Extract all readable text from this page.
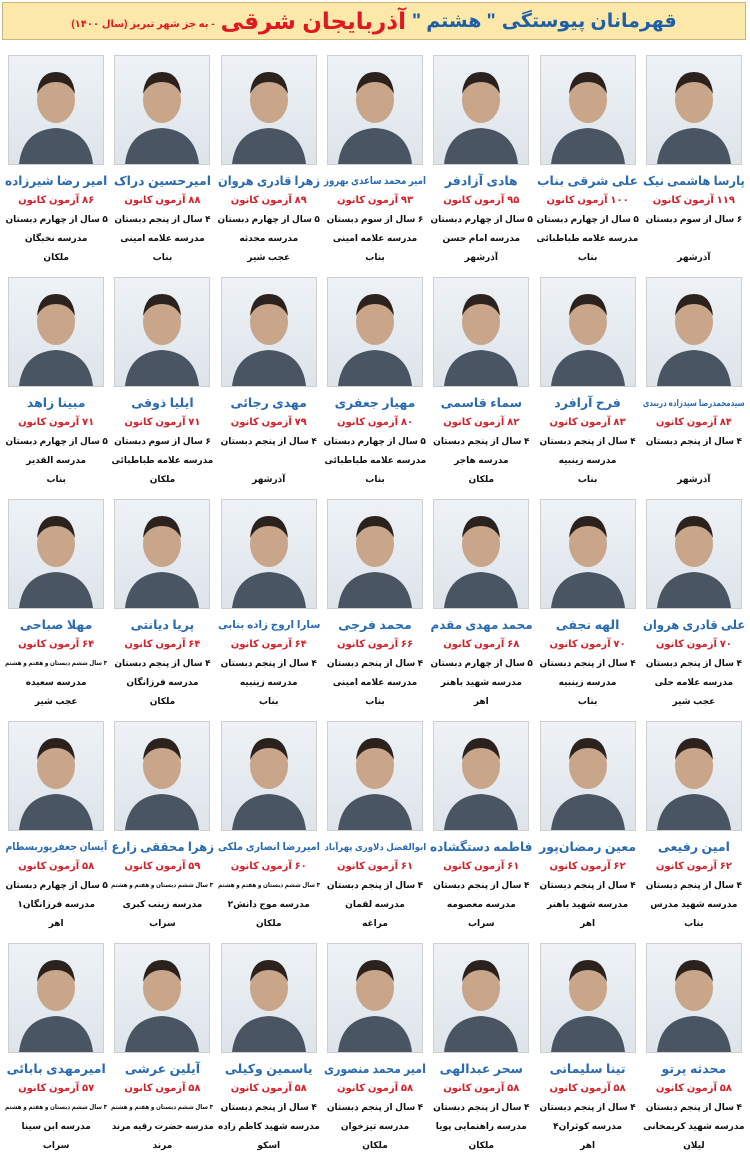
قهرمانان پیوستگی
" هشتم "
آذربایجان شرقی
- به جز شهر تبریز (سال ۱۴۰۰)
پارسا هاشمی نیک
۱۱۹ آزمون کانون
۶ سال از سوم دبستان
آذرشهر
علی شرقی بناب
۱۰۰ آزمون کانون
۵ سال از چهارم دبستان
مدرسه علامه طباطبائی
بناب
هادی آزادفر
۹۵ آزمون کانون
۵ سال از چهارم دبستان
مدرسه امام حسن
آذرشهر
امیر محمد ساعدی بهروز
۹۳ آزمون کانون
۶ سال از سوم دبستان
مدرسه علامه امینی
بناب
زهرا قادری هروان
۸۹ آزمون کانون
۵ سال از چهارم دبستان
مدرسه محدثه
عجب شیر
امیرحسین دراک
۸۸ آزمون کانون
۴ سال از پنجم دبستان
مدرسه علامه امینی
بناب
امیر رضا شیرزاده
۸۶ آزمون کانون
۵ سال از چهارم دبستان
مدرسه نخبگان
ملکان
سیدمحمدرضا سیدزاده دربندی
۸۴ آزمون کانون
۴ سال از پنجم دبستان
آذرشهر
فرح آرافرد
۸۳ آزمون کانون
۴ سال از پنجم دبستان
مدرسه زینبیه
بناب
سماء قاسمی
۸۲ آزمون کانون
۴ سال از پنجم دبستان
مدرسه هاجر
ملکان
مهیار جعفری
۸۰ آزمون کانون
۵ سال از چهارم دبستان
مدرسه علامه طباطبائی
بناب
مهدی رجائی
۷۹ آزمون کانون
۴ سال از پنجم دبستان
آذرشهر
ایلیا ذوقی
۷۱ آزمون کانون
۶ سال از سوم دبستان
مدرسه علامه طباطبائی
ملکان
مبینا زاهد
۷۱ آزمون کانون
۵ سال از چهارم دبستان
مدرسه القدیر
بناب
علی قادری هروان
۷۰ آزمون کانون
۴ سال از پنجم دبستان
مدرسه علامه حلی
عجب شیر
الهه نجفی
۷۰ آزمون کانون
۴ سال از پنجم دبستان
مدرسه زینبیه
بناب
محمد مهدی مقدم
۶۸ آزمون کانون
۵ سال از چهارم دبستان
مدرسه شهید باهنر
اهر
محمد فرجی
۶۶ آزمون کانون
۴ سال از پنجم دبستان
مدرسه علامه امینی
بناب
سارا اروج زاده بنابی
۶۴ آزمون کانون
۴ سال از پنجم دبستان
مدرسه زینبیه
بناب
پریا دیانتی
۶۴ آزمون کانون
۴ سال از پنجم دبستان
مدرسه فرزانگان
ملکان
مهلا صباحی
۶۴ آزمون کانون
۳ سال ششم دبستان و هفتم و هشتم
مدرسه سعیده
عجب شیر
امین رفیعی
۶۲ آزمون کانون
۴ سال از پنجم دبستان
مدرسه شهید مدرس
بناب
معین رمضان‌پور
۶۲ آزمون کانون
۴ سال از پنجم دبستان
مدرسه شهید باهنر
اهر
فاطمه دستگشاده
۶۱ آزمون کانون
۴ سال از پنجم دبستان
مدرسه معصومه
سراب
ابوالفضل دلاوری پهرآباد
۶۱ آزمون کانون
۴ سال از پنجم دبستان
مدرسه لقمان
مراغه
امیررضا انصاری ملکی
۶۰ آزمون کانون
۳ سال ششم دبستان و هفتم و هشتم
مدرسه موج دانش۲
ملکان
زهرا محققی زارع
۵۹ آزمون کانون
۳ سال ششم دبستان و هفتم و هشتم
مدرسه زینب کبری
سراب
آیسان جعفرپوربسطام
۵۸ آزمون کانون
۵ سال از چهارم دبستان
مدرسه فرزانگان۱
اهر
محدثه پرتو
۵۸ آزمون کانون
۴ سال از پنجم دبستان
مدرسه شهید کریمخانی
لیلان
تینا سلیمانی
۵۸ آزمون کانون
۴ سال از پنجم دبستان
مدرسه کوثران۴
اهر
سحر عبدالهی
۵۸ آزمون کانون
۴ سال از پنجم دبستان
مدرسه راهنمایی پویا
ملکان
امیر محمد منصوری
۵۸ آزمون کانون
۴ سال از پنجم دبستان
مدرسه تیزخوان
ملکان
یاسمین وکیلی
۵۸ آزمون کانون
۴ سال از پنجم دبستان
مدرسه شهید کاظم زاده
اسکو
آیلین عرشی
۵۸ آزمون کانون
۳ سال ششم دبستان و هفتم و هشتم
مدرسه حضرت رقیه مرند
مرند
امیرمهدی بابائی
۵۷ آزمون کانون
۳ سال ششم دبستان و هفتم و هشتم
مدرسه ابن سینا
سراب
